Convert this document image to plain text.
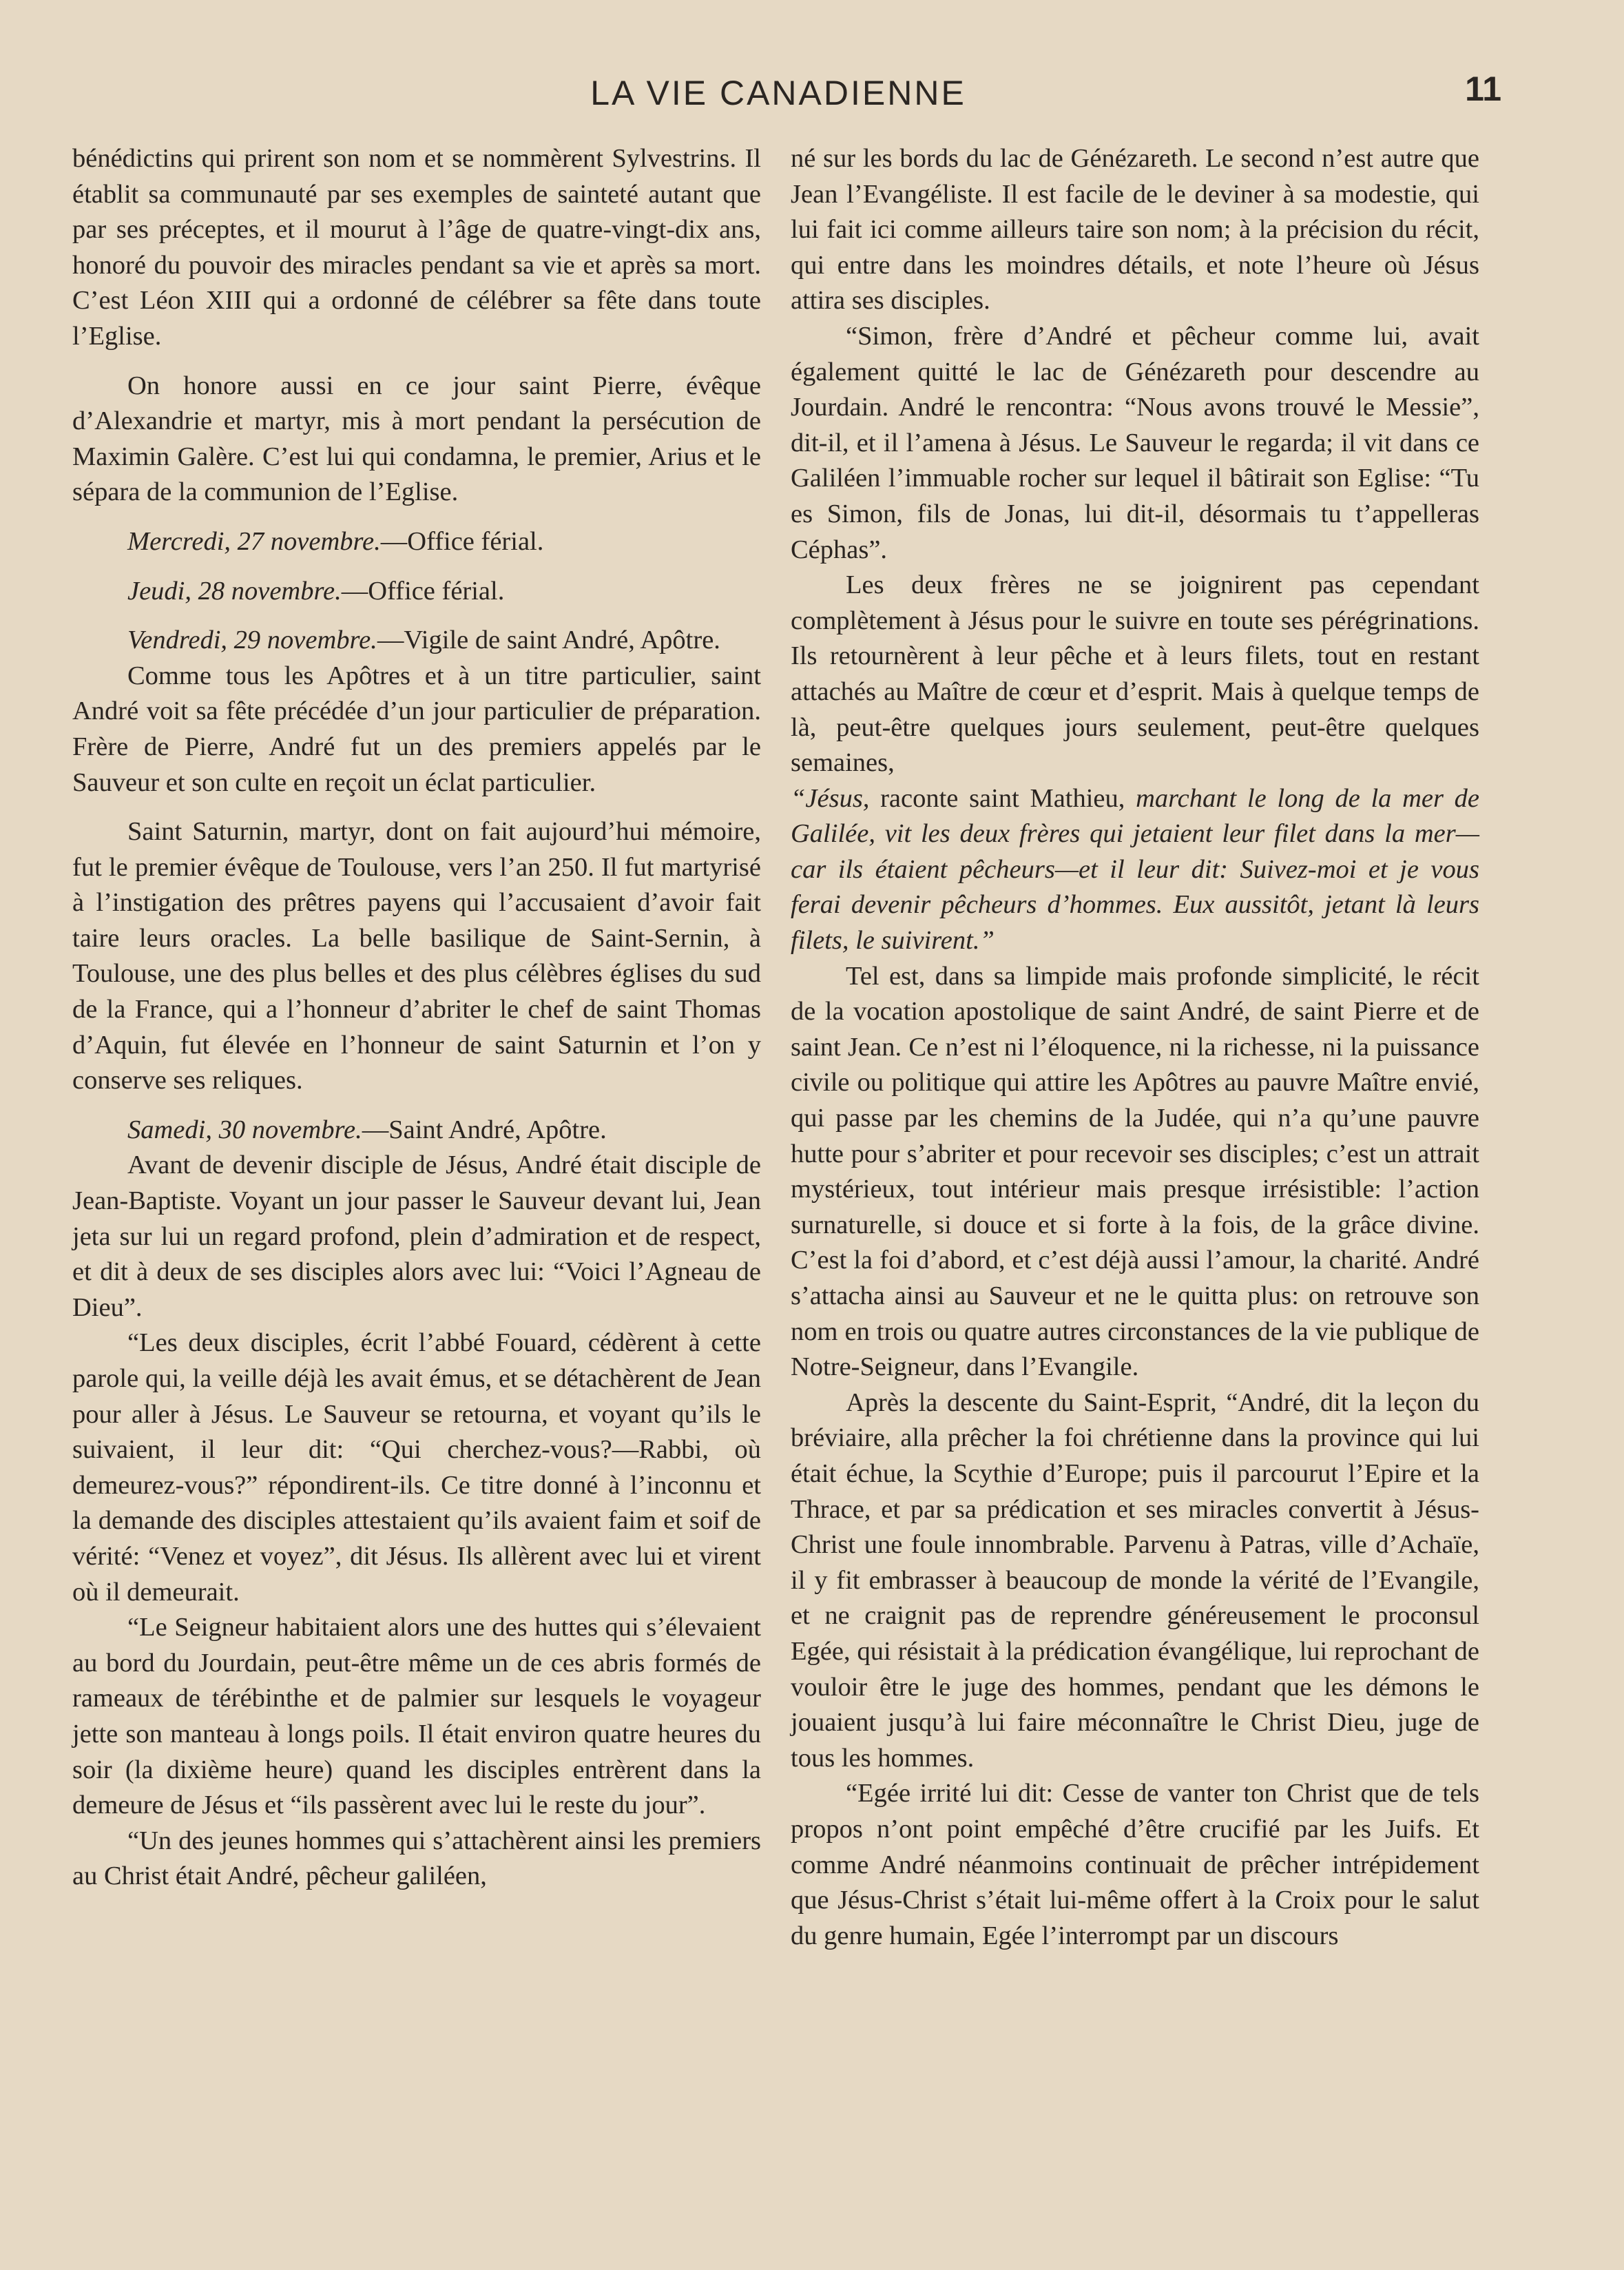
LA VIE CANADIENNE	11

bénédictins qui prirent son nom et se nommèrent Sylvestrins. Il établit sa communauté par ses exemples de sainteté autant que par ses préceptes, et il mourut à l’âge de quatre-vingt-dix ans, honoré du pouvoir des miracles pendant sa vie et après sa mort. C’est Léon XIII qui a ordonné de célébrer sa fête dans toute l’Eglise.

On honore aussi en ce jour saint Pierre, évêque d’Alexandrie et martyr, mis à mort pendant la persécution de Maximin Galère. C’est lui qui condamna, le premier, Arius et le sépara de la communion de l’Eglise.

Mercredi, 27 novembre.—Office férial.

Jeudi, 28 novembre.—Office férial.

Vendredi, 29 novembre.—Vigile de saint André, Apôtre.

Comme tous les Apôtres et à un titre particulier, saint André voit sa fête précédée d’un jour particulier de préparation. Frère de Pierre, André fut un des premiers appelés par le Sauveur et son culte en reçoit un éclat particulier.

Saint Saturnin, martyr, dont on fait aujourd’hui mémoire, fut le premier évêque de Toulouse, vers l’an 250. Il fut martyrisé à l’instigation des prêtres payens qui l’accusaient d’avoir fait taire leurs oracles. La belle basilique de Saint-Sernin, à Toulouse, une des plus belles et des plus célèbres églises du sud de la France, qui a l’honneur d’abriter le chef de saint Thomas d’Aquin, fut élevée en l’honneur de saint Saturnin et l’on y conserve ses reliques.

Samedi, 30 novembre.—Saint André, Apôtre.

Avant de devenir disciple de Jésus, André était disciple de Jean-Baptiste. Voyant un jour passer le Sauveur devant lui, Jean jeta sur lui un regard profond, plein d’admiration et de respect, et dit à deux de ses disciples alors avec lui: “Voici l’Agneau de Dieu”.

“Les deux disciples, écrit l’abbé Fouard, cédèrent à cette parole qui, la veille déjà les avait émus, et se détachèrent de Jean pour aller à Jésus. Le Sauveur se retourna, et voyant qu’ils le suivaient, il leur dit: “Qui cherchez-vous?—Rabbi, où demeurez-vous?” répondirent-ils. Ce titre donné à l’inconnu et la demande des disciples attestaient qu’ils avaient faim et soif de vérité: “Venez et voyez”, dit Jésus. Ils allèrent avec lui et virent où il demeurait.

“Le Seigneur habitaient alors une des huttes qui s’élevaient au bord du Jourdain, peut-être même un de ces abris formés de rameaux de térébinthe et de palmier sur lesquels le voyageur jette son manteau à longs poils. Il était environ quatre heures du soir (la dixième heure) quand les disciples entrèrent dans la demeure de Jésus et “ils passèrent avec lui le reste du jour”.

“Un des jeunes hommes qui s’attachèrent ainsi les premiers au Christ était André, pêcheur galiléen,

né sur les bords du lac de Génézareth. Le second n’est autre que Jean l’Evangéliste. Il est facile de le deviner à sa modestie, qui lui fait ici comme ailleurs taire son nom; à la précision du récit, qui entre dans les moindres détails, et note l’heure où Jésus attira ses disciples.

“Simon, frère d’André et pêcheur comme lui, avait également quitté le lac de Génézareth pour descendre au Jourdain. André le rencontra: “Nous avons trouvé le Messie”, dit-il, et il l’amena à Jésus. Le Sauveur le regarda; il vit dans ce Galiléen l’immuable rocher sur lequel il bâtirait son Eglise: “Tu es Simon, fils de Jonas, lui dit-il, désormais tu t’appelleras Céphas”.

Les deux frères ne se joignirent pas cependant complètement à Jésus pour le suivre en toute ses pérégrinations. Ils retournèrent à leur pêche et à leurs filets, tout en restant attachés au Maître de cœur et d’esprit. Mais à quelque temps de là, peut-être quelques jours seulement, peut-être quelques semaines,

“Jésus, raconte saint Mathieu, marchant le long de la mer de Galilée, vit les deux frères qui jetaient leur filet dans la mer—car ils étaient pêcheurs—et il leur dit: Suivez-moi et je vous ferai devenir pêcheurs d’hommes. Eux aussitôt, jetant là leurs filets, le suivirent.”

Tel est, dans sa limpide mais profonde simplicité, le récit de la vocation apostolique de saint André, de saint Pierre et de saint Jean. Ce n’est ni l’éloquence, ni la richesse, ni la puissance civile ou politique qui attire les Apôtres au pauvre Maître envié, qui passe par les chemins de la Judée, qui n’a qu’une pauvre hutte pour s’abriter et pour recevoir ses disciples; c’est un attrait mystérieux, tout intérieur mais presque irrésistible: l’action surnaturelle, si douce et si forte à la fois, de la grâce divine. C’est la foi d’abord, et c’est déjà aussi l’amour, la charité. André s’attacha ainsi au Sauveur et ne le quitta plus: on retrouve son nom en trois ou quatre autres circonstances de la vie publique de Notre-Seigneur, dans l’Evangile.

Après la descente du Saint-Esprit, “André, dit la leçon du bréviaire, alla prêcher la foi chrétienne dans la province qui lui était échue, la Scythie d’Europe; puis il parcourut l’Epire et la Thrace, et par sa prédication et ses miracles convertit à Jésus-Christ une foule innombrable. Parvenu à Patras, ville d’Achaïe, il y fit embrasser à beaucoup de monde la vérité de l’Evangile, et ne craignit pas de reprendre généreusement le proconsul Egée, qui résistait à la prédication évangélique, lui reprochant de vouloir être le juge des hommes, pendant que les démons le jouaient jusqu’à lui faire méconnaître le Christ Dieu, juge de tous les hommes.

“Egée irrité lui dit: Cesse de vanter ton Christ que de tels propos n’ont point empêché d’être crucifié par les Juifs. Et comme André néanmoins continuait de prêcher intrépidement que Jésus-Christ s’était lui-même offert à la Croix pour le salut du genre humain, Egée l’interrompt par un discours
